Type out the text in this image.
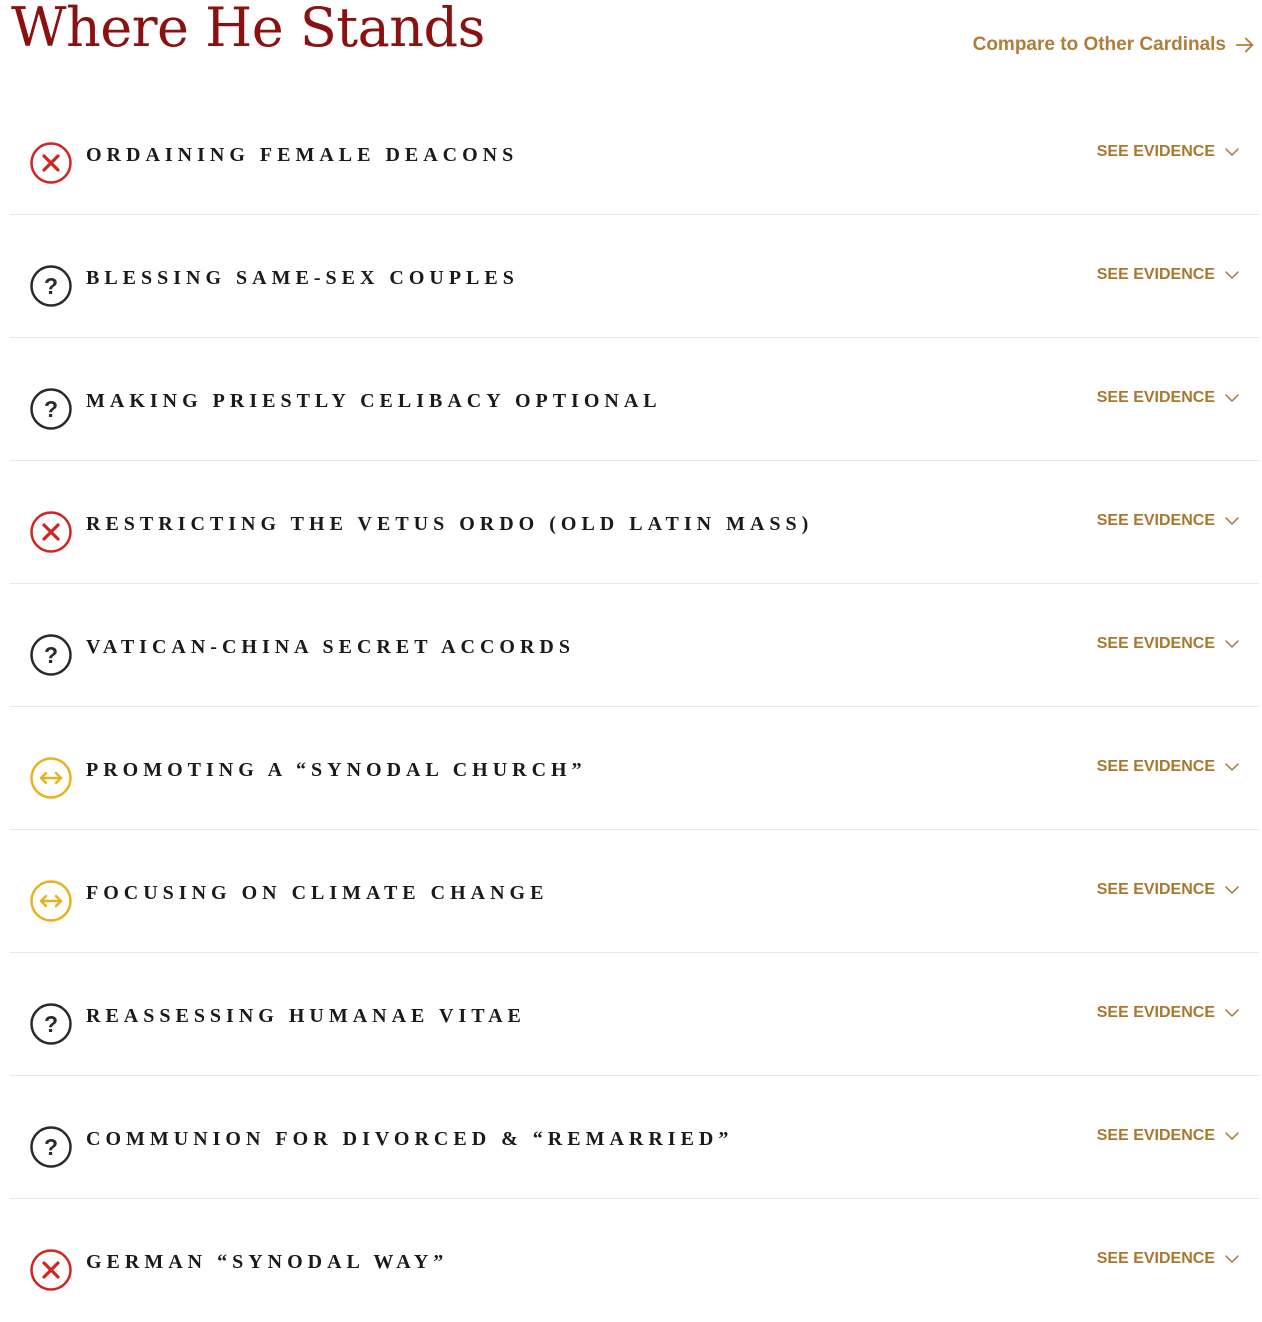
Where He Stands	Compare to Other Cardinals
ORDAINING FEMALE DEACONS	SEE EVIDENCE
? BLESSING SAME-SEX COUPLES	SEE EVIDENCE
? MAKING PRIESTLY CELIBACY OPTIONAL	SEE EVIDENCE
RESTRICTING THE VETUS ORDO (OLD LATIN MASS)	SEE EVIDENCE
? VATICAN-CHINA SECRET ACCORDS	SEE EVIDENCE
PROMOTING A “SYNODAL CHURCH”	SEE EVIDENCE
FOCUSING ON CLIMATE CHANGE	SEE EVIDENCE
? REASSESSING HUMANAE VITAE	SEE EVIDENCE
? COMMUNION FOR DIVORCED & “REMARRIED”	SEE EVIDENCE
GERMAN “SYNODAL WAY”	SEE EVIDENCE
